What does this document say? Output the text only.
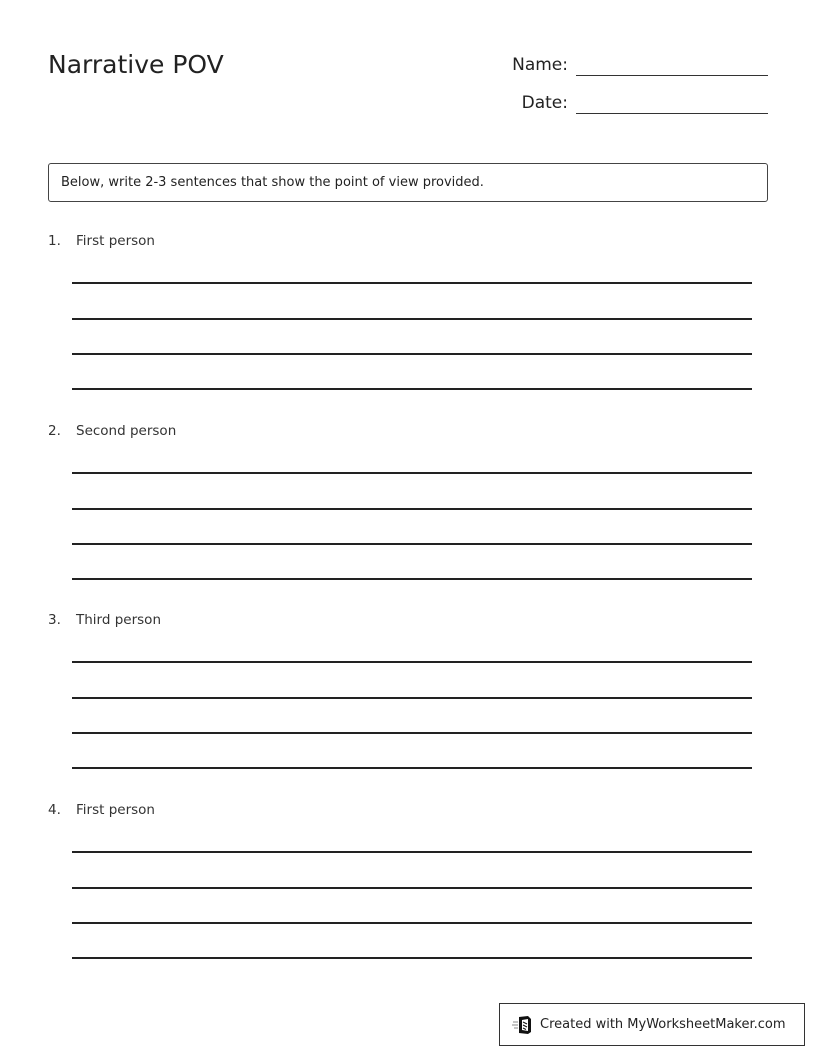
Narrative POV	Name:
Date:
Below, write 2-3 sentences that show the point of view provided.
1.	First person
2.	Second person
3.	Third person
4.	First person
Created with MyWorksheetMaker.com
